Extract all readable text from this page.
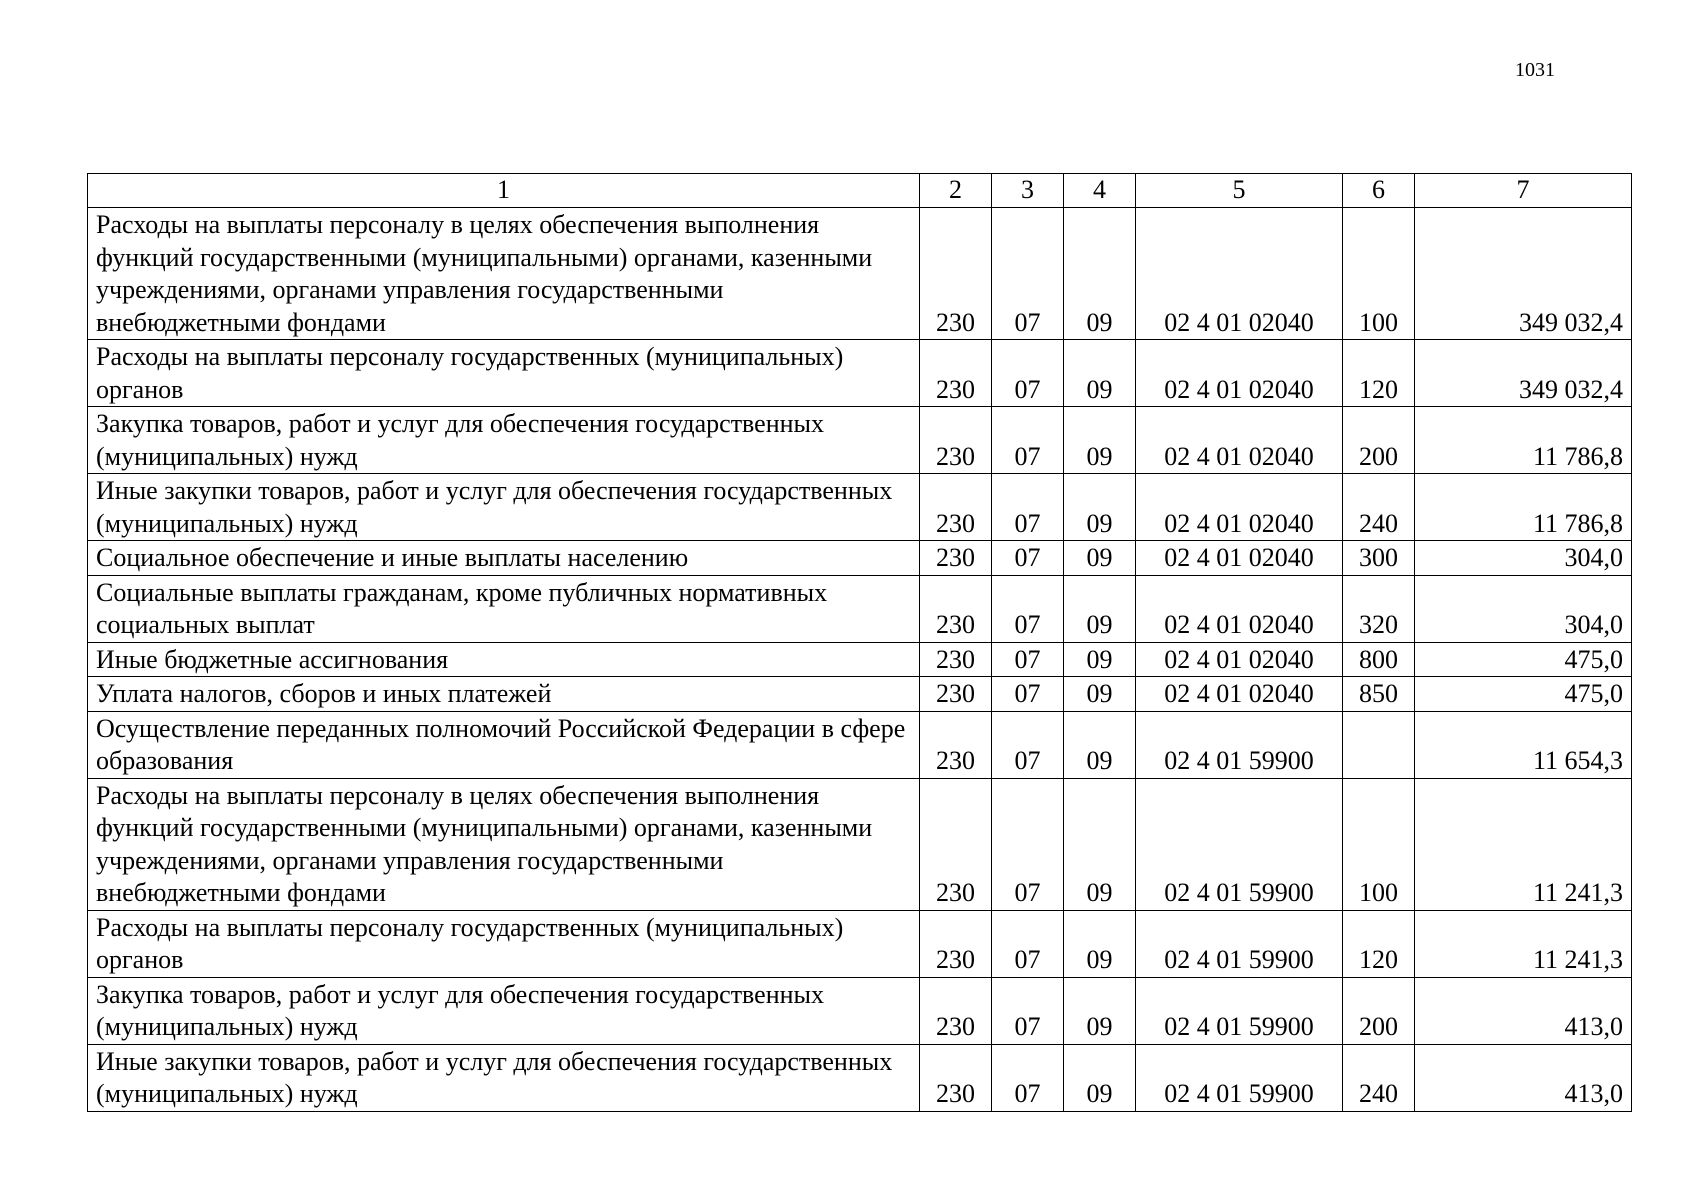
1031
1	2	3	4	5	6	7
Расходы на выплаты персоналу в целях обеспечения выполнения функций государственными (муниципальными) органами, казенными учреждениями, органами управления государственными внебюджетными фондами	230	07	09	02 4 01 02040	100	349 032,4
Расходы на выплаты персоналу государственных (муниципальных) органов	230	07	09	02 4 01 02040	120	349 032,4
Закупка товаров, работ и услуг для обеспечения государственных (муниципальных) нужд	230	07	09	02 4 01 02040	200	11 786,8
Иные закупки товаров, работ и услуг для обеспечения государственных (муниципальных) нужд	230	07	09	02 4 01 02040	240	11 786,8
Социальное обеспечение и иные выплаты населению	230	07	09	02 4 01 02040	300	304,0
Социальные выплаты гражданам, кроме публичных нормативных социальных выплат	230	07	09	02 4 01 02040	320	304,0
Иные бюджетные ассигнования	230	07	09	02 4 01 02040	800	475,0
Уплата налогов, сборов и иных платежей	230	07	09	02 4 01 02040	850	475,0
Осуществление переданных полномочий Российской Федерации в сфере образования	230	07	09	02 4 01 59900		11 654,3
Расходы на выплаты персоналу в целях обеспечения выполнения функций государственными (муниципальными) органами, казенными учреждениями, органами управления государственными внебюджетными фондами	230	07	09	02 4 01 59900	100	11 241,3
Расходы на выплаты персоналу государственных (муниципальных) органов	230	07	09	02 4 01 59900	120	11 241,3
Закупка товаров, работ и услуг для обеспечения государственных (муниципальных) нужд	230	07	09	02 4 01 59900	200	413,0
Иные закупки товаров, работ и услуг для обеспечения государственных (муниципальных) нужд	230	07	09	02 4 01 59900	240	413,0
